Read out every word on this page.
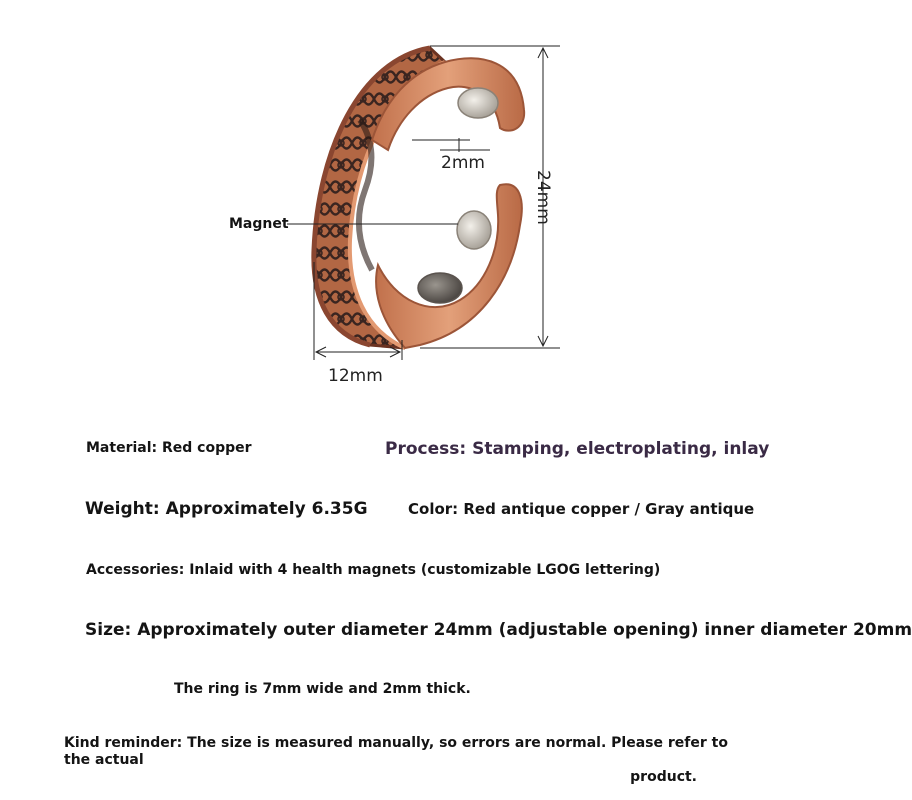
2mm
24mm
12mm
Magnet
Material: Red copper	Process: Stamping, electroplating, inlay
Weight: Approximately 6.35G	Color: Red antique copper / Gray antique
Accessories: Inlaid with 4 health magnets (customizable LGOG lettering)
Size: Approximately outer diameter 24mm (adjustable opening) inner diameter 20mm
The ring is 7mm wide and 2mm thick.
Kind reminder: The size is measured manually, so errors are normal. Please refer to the actual
product.
